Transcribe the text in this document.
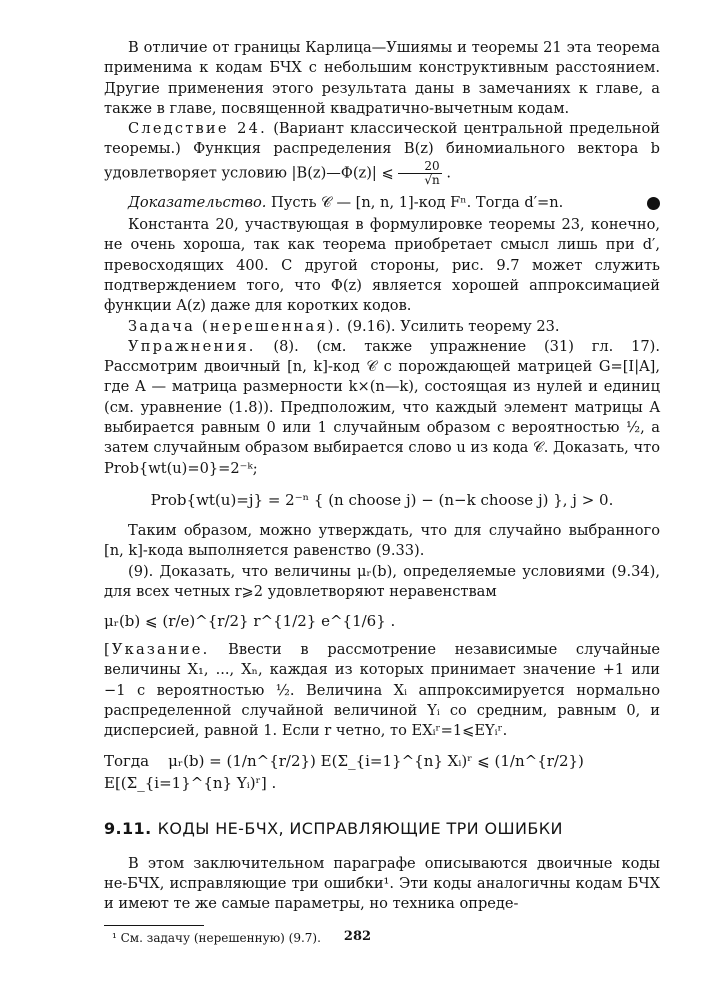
В отличие от границы Карлица—Ушиямы и теоремы 21 эта теорема применима к кодам БЧХ с небольшим конструктивным расстоянием. Другие применения этого результата даны в замечаниях к главе, а также в главе, посвященной квадратично-вычетным кодам.

Следствие 24. (Вариант классической центральной предельной теоремы.) Функция распределения B(z) биномиального вектора b удовлетворяет условию |B(z)—Φ(z)| ⩽ $\frac{20}{√n}$ .

Доказательство. Пусть 𝒞 — [n, n, 1]-код Fⁿ. Тогда d′=n.

Константа 20, участвующая в формулировке теоремы 23, конечно, не очень хороша, так как теорема приобретает смысл лишь при d′, превосходящих 400. С другой стороны, рис. 9.7 может служить подтверждением того, что Φ(z) является хорошей аппроксимацией функции A(z) даже для коротких кодов.

Задача (нерешенная). (9.16). Усилить теорему 23.

Упражнения. (8). (см. также упражнение (31) гл. 17). Рассмотрим двоичный [n, k]-код 𝒞 с порождающей матрицей G=[I|A], где A — матрица размерности k×(n—k), состоящая из нулей и единиц (см. уравнение (1.8)). Предположим, что каждый элемент матрицы A выбирается равным 0 или 1 случайным образом с вероятностью ½, а затем случайным образом выбирается слово u из кода 𝒞. Доказать, что Prob{wt(u)=0}=2⁻ᵏ;

Prob{wt(u)=j} = 2⁻ⁿ { (n choose j) − (n−k choose j) }, j > 0.

Таким образом, можно утверждать, что для случайно выбранного [n, k]-кода выполняется равенство (9.33).

(9). Доказать, что величины μᵣ(b), определяемые условиями (9.34), для всех четных r⩾2 удовлетворяют неравенствам

μᵣ(b) ⩽ (r/e)^{r/2} r^{1/2} e^{1/6} .

[Указание. Ввести в рассмотрение независимые случайные величины X₁, ..., Xₙ, каждая из которых принимает значение +1 или −1 с вероятностью ½. Величина Xᵢ аппроксимируется нормально распределенной случайной величиной Yᵢ со средним, равным 0, и дисперсией, равной 1. Если r четно, то EXᵢʳ=1⩽EYᵢʳ.

Тогда μᵣ(b) = (1/n^{r/2}) E(Σ_{i=1}^{n} Xᵢ)ʳ ⩽ (1/n^{r/2}) E[(Σ_{i=1}^{n} Yᵢ)ʳ] .
9.11. КОДЫ НЕ-БЧХ, ИСПРАВЛЯЮЩИЕ ТРИ ОШИБКИ

В этом заключительном параграфе описываются двоичные коды не-БЧХ, исправляющие три ошибки¹. Эти коды аналогичны кодам БЧХ и имеют те же самые параметры, но техника опреде-

¹ См. задачу (нерешенную) (9.7).	282
